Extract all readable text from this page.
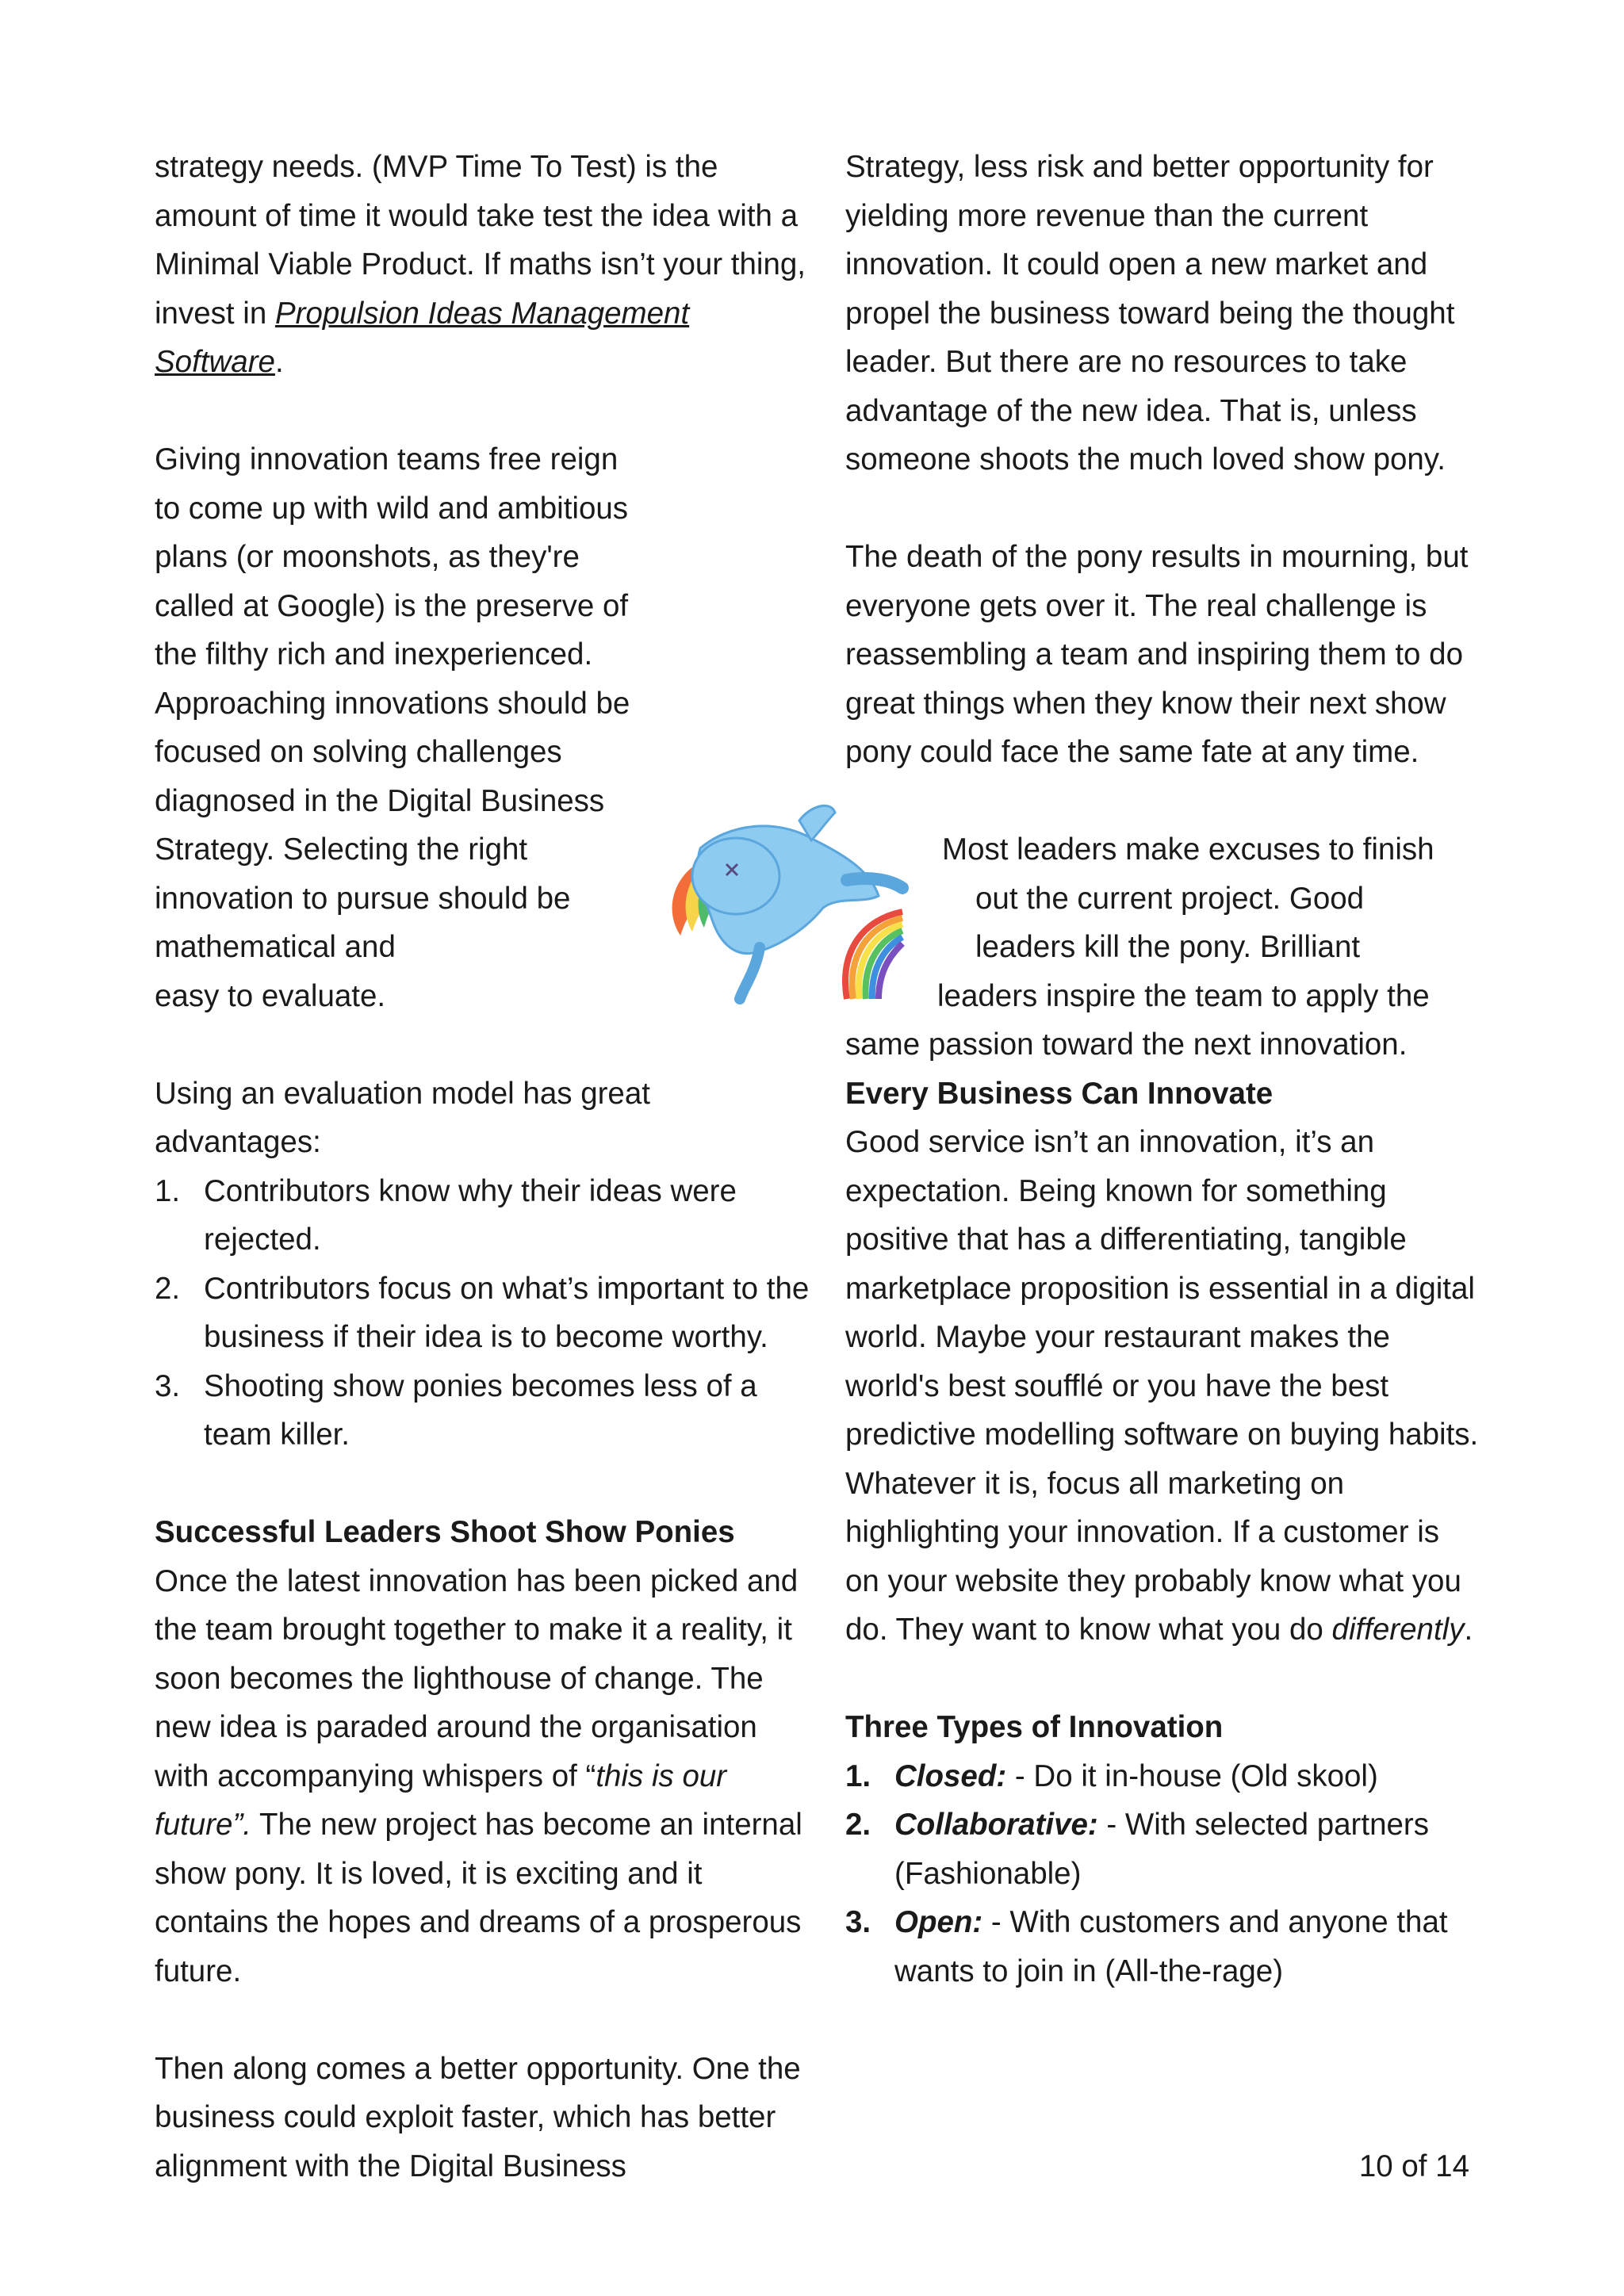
strategy needs. (MVP Time To Test) is the amount of time it would take test the idea with a Minimal Viable Product. If maths isn’t your thing, invest in Propulsion Ideas Management Software.

Giving innovation teams free reign to come up with wild and ambitious plans (or moonshots, as they're called at Google) is the preserve of the filthy rich and inexperienced. Approaching innovations should be focused on solving challenges diagnosed in the Digital Business Strategy. Selecting the right innovation to pursue should be mathematical and
easy to evaluate.

Using an evaluation model has great
advantages:

1. Contributors know why their ideas were rejected.
2. Contributors focus on what’s important to the business if their idea is to become worthy.
3. Shooting show ponies becomes less of a team killer.

Successful Leaders Shoot Show Ponies

Once the latest innovation has been picked and the team brought together to make it a reality, it soon becomes the lighthouse of change. The new idea is paraded around the organisation with accompanying whispers of “this is our future”. The new project has become an internal show pony. It is loved, it is exciting and it contains the hopes and dreams of a prosperous future.

Then along comes a better opportunity. One the business could exploit faster, which has better alignment with the Digital Business

Strategy, less risk and better opportunity for yielding more revenue than the current innovation. It could open a new market and propel the business toward being the thought leader. But there are no resources to take advantage of the new idea. That is, unless someone shoots the much loved show pony.

The death of the pony results in mourning, but everyone gets over it. The real challenge is reassembling a team and inspiring them to do great things when they know their next show pony could face the same fate at any time.

Most leaders make excuses to finish
out the current project. Good
leaders kill the pony. Brilliant
leaders inspire the team to apply the
same passion toward the next innovation.

Every Business Can Innovate

Good service isn’t an innovation, it’s an expectation. Being known for something positive that has a differentiating, tangible marketplace proposition is essential in a digital world. Maybe your restaurant makes the world's best soufflé or you have the best predictive modelling software on buying habits. Whatever it is, focus all marketing on highlighting your innovation. If a customer is on your website they probably know what you do. They want to know what you do differently.

Three Types of Innovation

1. Closed: - Do it in-house (Old skool)
2. Collaborative: - With selected partners (Fashionable)
3. Open: - With customers and anyone that wants to join in (All-the-rage)
10 of 14
